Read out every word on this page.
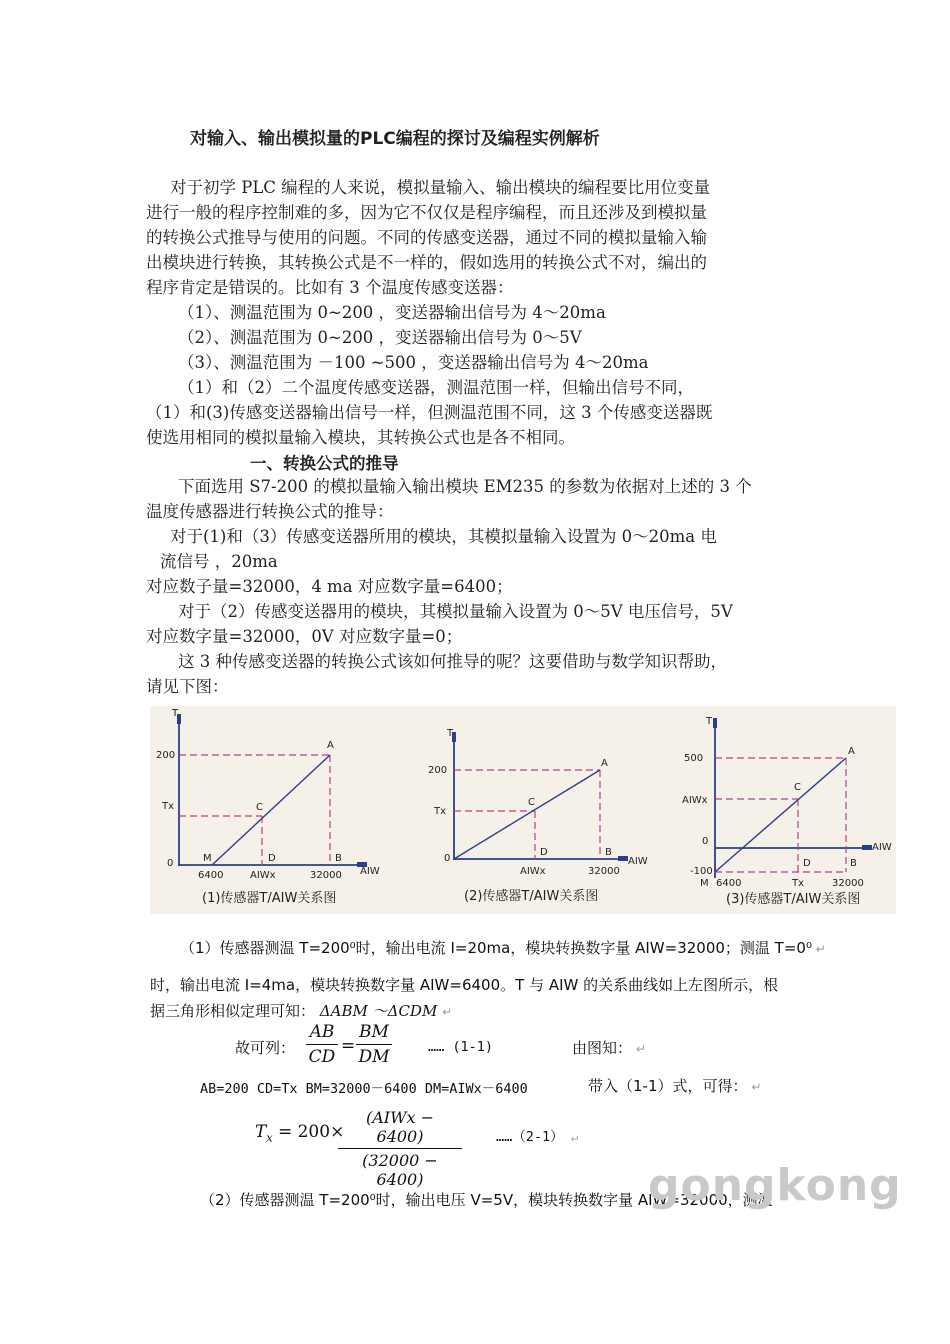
对输入、输出模拟量的PLC编程的探讨及编程实例解析
对于初学 PLC 编程的人来说，模拟量输入、输出模块的编程要比用位变量
进行一般的程序控制难的多，因为它不仅仅是程序编程，而且还涉及到模拟量
的转换公式推导与使用的问题。不同的传感变送器，通过不同的模拟量输入输
出模块进行转换，其转换公式是不一样的，假如选用的转换公式不对，编出的
程序肯定是错误的。比如有 3 个温度传感变送器：
（1）、测温范围为 0~200 ，变送器输出信号为 4～20ma
（2）、测温范围为 0~200 ，变送器输出信号为 0～5V
（3）、测温范围为 －100 ~500 ，变送器输出信号为 4～20ma
（1）和（2）二个温度传感变送器，测温范围一样，但输出信号不同，
（1）和(3)传感变送器输出信号一样，但测温范围不同，这 3 个传感变送器既
使选用相同的模拟量输入模块，其转换公式也是各不相同。
一、转换公式的推导
下面选用 S7-200 的模拟量输入输出模块 EM235 的参数为依据对上述的 3 个
温度传感器进行转换公式的推导：
对于(1)和（3）传感变送器所用的模块，其模拟量输入设置为 0～20ma 电
流信号 ，20ma
对应数子量=32000，4 ma 对应数字量=6400；
对于（2）传感变送器用的模块，其模拟量输入设置为 0～5V 电压信号，5V
对应数字量=32000，0V 对应数字量=0；
这 3 种传感变送器的转换公式该如何推导的呢？这要借助与数学知识帮助，
请见下图：
T
200
Tx
0	M
C
A
D	B
6400	AIWx	32000 AIW
(1)传感器T/AIW关系图
T
200
Tx
0
C
A
D	B
AIWx	32000
AIW
(2)传感器T/AIW关系图
T
500
AIWx
0
-100
M 6400
C
A
D	B
Tx	32000
AIW
(3)传感器T/AIW关系图
（1）传感器测温 T=200⁰时，输出电流 I=20ma，模块转换数字量 AIW=32000；测温 T=0⁰ ↵
时，输出电流 I=4ma，模块转换数字量 AIW=6400。T 与 AIW 的关系曲线如上左图所示，根
据三角形相似定理可知： ΔABM ～ΔCDM ↵
故可列： $\frac{AB}{CD} = \frac{BM}{DM}$	…… (1-1)	由图知： ↵
AB=200 CD=Tx BM=32000－6400 DM=AIWx－6400	带入（1-1）式，可得： ↵
$T_x = 200\times$
(AIWx − 6400)
(32000 − 6400)
……（2-1） ↵
（2）传感器测温 T=200⁰时，输出电压 V=5V，模块转换数字量 AIW=32000，测温
gongkong
